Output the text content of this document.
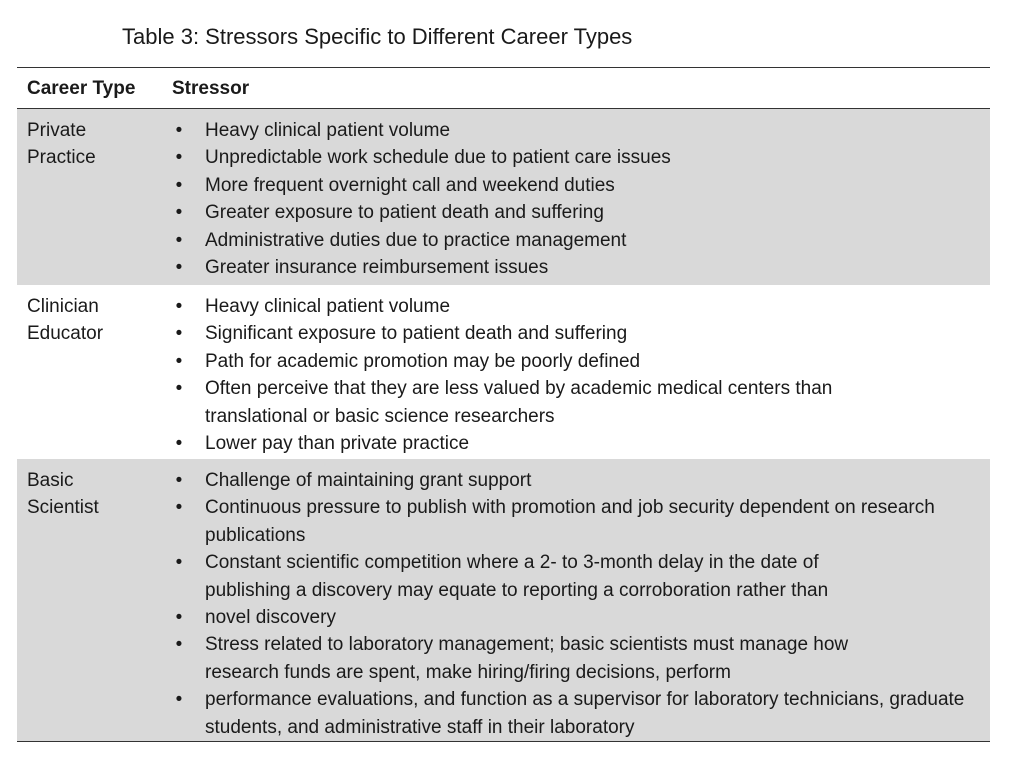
Table 3: Stressors Specific to Different Career Types
Career Type Stressor
Private
Practice
• Heavy clinical patient volume
• Unpredictable work schedule due to patient care issues
• More frequent overnight call and weekend duties
• Greater exposure to patient death and suffering
• Administrative duties due to practice management
• Greater insurance reimbursement issues
Clinician
Educator
• Heavy clinical patient volume
• Significant exposure to patient death and suffering
• Path for academic promotion may be poorly defined
• Often perceive that they are less valued by academic medical centers than translational or basic science researchers
• Lower pay than private practice
Basic
Scientist
• Challenge of maintaining grant support
• Continuous pressure to publish with promotion and job security dependent on research publications
• Constant scientific competition where a 2- to 3-month delay in the date of publishing a discovery may equate to reporting a corroboration rather than
• novel discovery
• Stress related to laboratory management; basic scientists must manage how research funds are spent, make hiring/firing decisions, perform
• performance evaluations, and function as a supervisor for laboratory technicians, graduate students, and administrative staff in their laboratory
